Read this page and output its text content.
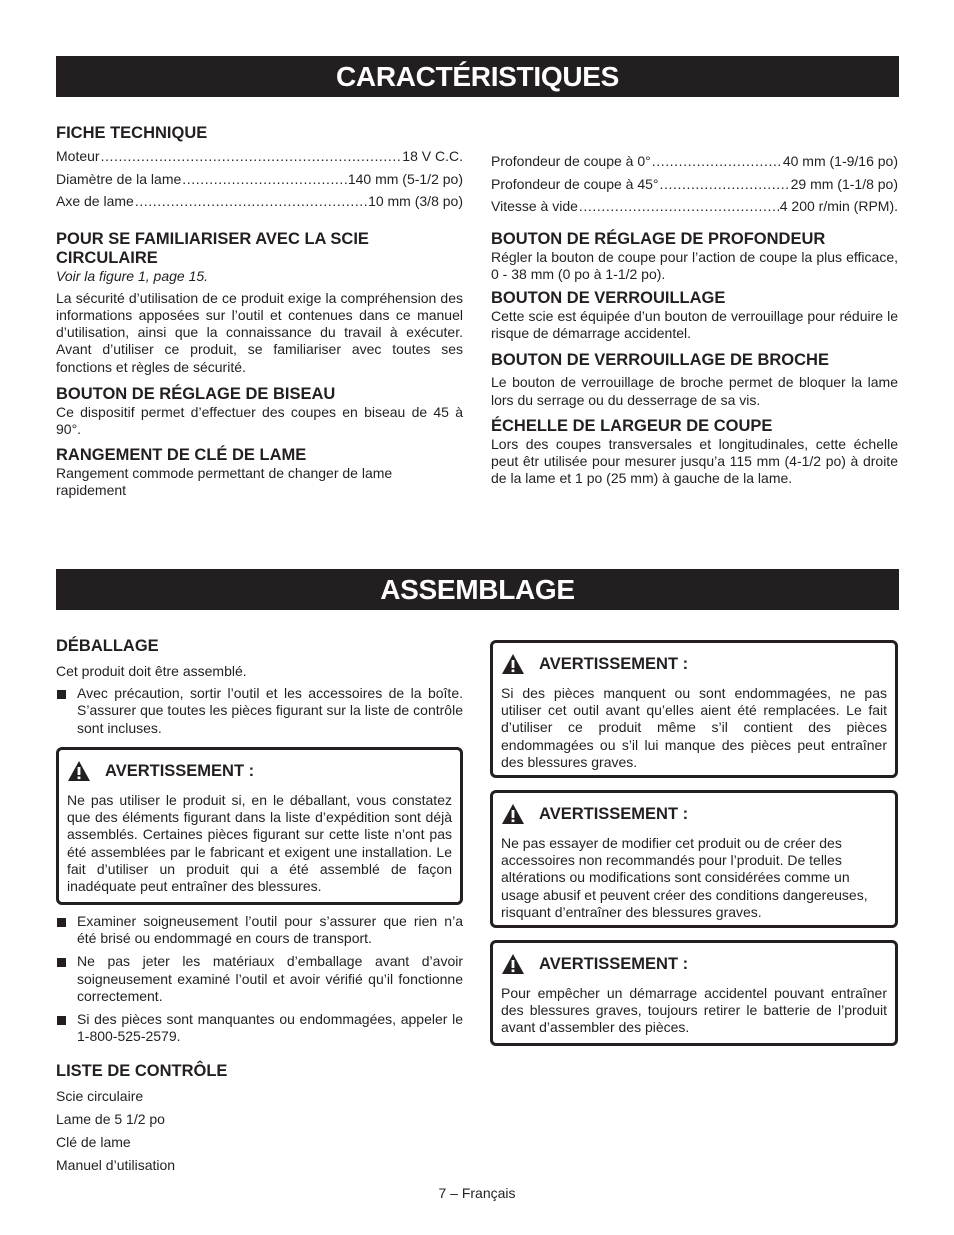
CARACTÉRISTIQUES

FICHE TECHNIQUE

Moteur .....	18 V C.C.
Diamètre de la lame .....	140 mm (5-1/2 po)
Axe de lame .....	10 mm (3/8 po)

POUR SE FAMILIARISER AVEC LA SCIE CIRCULAIRE

Voir la figure 1, page 15.

La sécurité d’utilisation de ce produit exige la compréhension des informations apposées sur l’outil et contenues dans ce manuel d’utilisation, ainsi que la connaissance du travail à exécuter. Avant d’utiliser ce produit, se familiariser avec toutes ses fonctions et règles de sécurité.

BOUTON DE RÉGLAGE DE BISEAU

Ce dispositif permet d’effectuer des coupes en biseau de 45 à 90°.

RANGEMENT DE CLÉ DE LAME

Rangement commode permettant de changer de lame rapidement

Profondeur de coupe à 0° .....	40 mm (1-9/16 po)
Profondeur de coupe à 45° .....	29 mm (1-1/8 po)
Vitesse à vide .....	4 200 r/min (RPM).

BOUTON DE RÉGLAGE DE PROFONDEUR

Régler la bouton de coupe pour l’action de coupe la plus efficace, 0 - 38 mm (0 po à 1-1/2 po).

BOUTON DE VERROUILLAGE

Cette scie est équipée d’un bouton de verrouillage pour réduire le risque de démarrage accidentel.

BOUTON DE VERROUILLAGE DE BROCHE

Le bouton de verrouillage de broche permet de bloquer la lame lors du serrage ou du desserrage de sa vis.

ÉCHELLE DE LARGEUR DE COUPE

Lors des coupes transversales et longitudinales, cette échelle peut êtr utilisée pour mesurer jusqu’a 115 mm (4-1/2 po) à droite de la lame et 1 po (25 mm) à gauche de la lame.

ASSEMBLAGE

DÉBALLAGE

Cet produit doit être assemblé.

Avec précaution, sortir l’outil et les accessoires de la boîte. S’assurer que toutes les pièces figurant sur la liste de contrôle sont incluses.

AVERTISSEMENT :

Ne pas utiliser le produit si, en le déballant, vous constatez que des éléments figurant dans la liste d’expédition sont déjà assemblés. Certaines pièces figurant sur cette liste n’ont pas été assemblées par le fabricant et exigent une installation. Le fait d’utiliser un produit qui a été assemblé de façon inadéquate peut entraîner des blessures.

Examiner soigneusement l’outil pour s’assurer que rien n’a été brisé ou endommagé en cours de transport.

Ne pas jeter les matériaux d’emballage avant d’avoir soigneusement examiné l’outil et avoir vérifié qu’il fonctionne correctement.

Si des pièces sont manquantes ou endommagées, appeler le 1-800-525-2579.

LISTE DE CONTRÔLE

Scie circulaire

Lame de 5 1/2 po

Clé de lame

Manuel d’utilisation

AVERTISSEMENT :

Si des pièces manquent ou sont endommagées, ne pas utiliser cet outil avant qu’elles aient été remplacées. Le fait d’utiliser ce produit même s’il contient des pièces endommagées ou s’il lui manque des pièces peut entraîner des blessures graves.

AVERTISSEMENT :

Ne pas essayer de modifier cet produit ou de créer des accessoires non recommandés pour l’produit. De telles altérations ou modifications sont considérées comme un usage abusif et peuvent créer des conditions dangereuses, risquant d’entraîner des blessures graves.

AVERTISSEMENT :

Pour empêcher un démarrage accidentel pouvant entraîner des blessures graves, toujours retirer le batterie de l’produit avant d’assembler des pièces.

7 – Français
